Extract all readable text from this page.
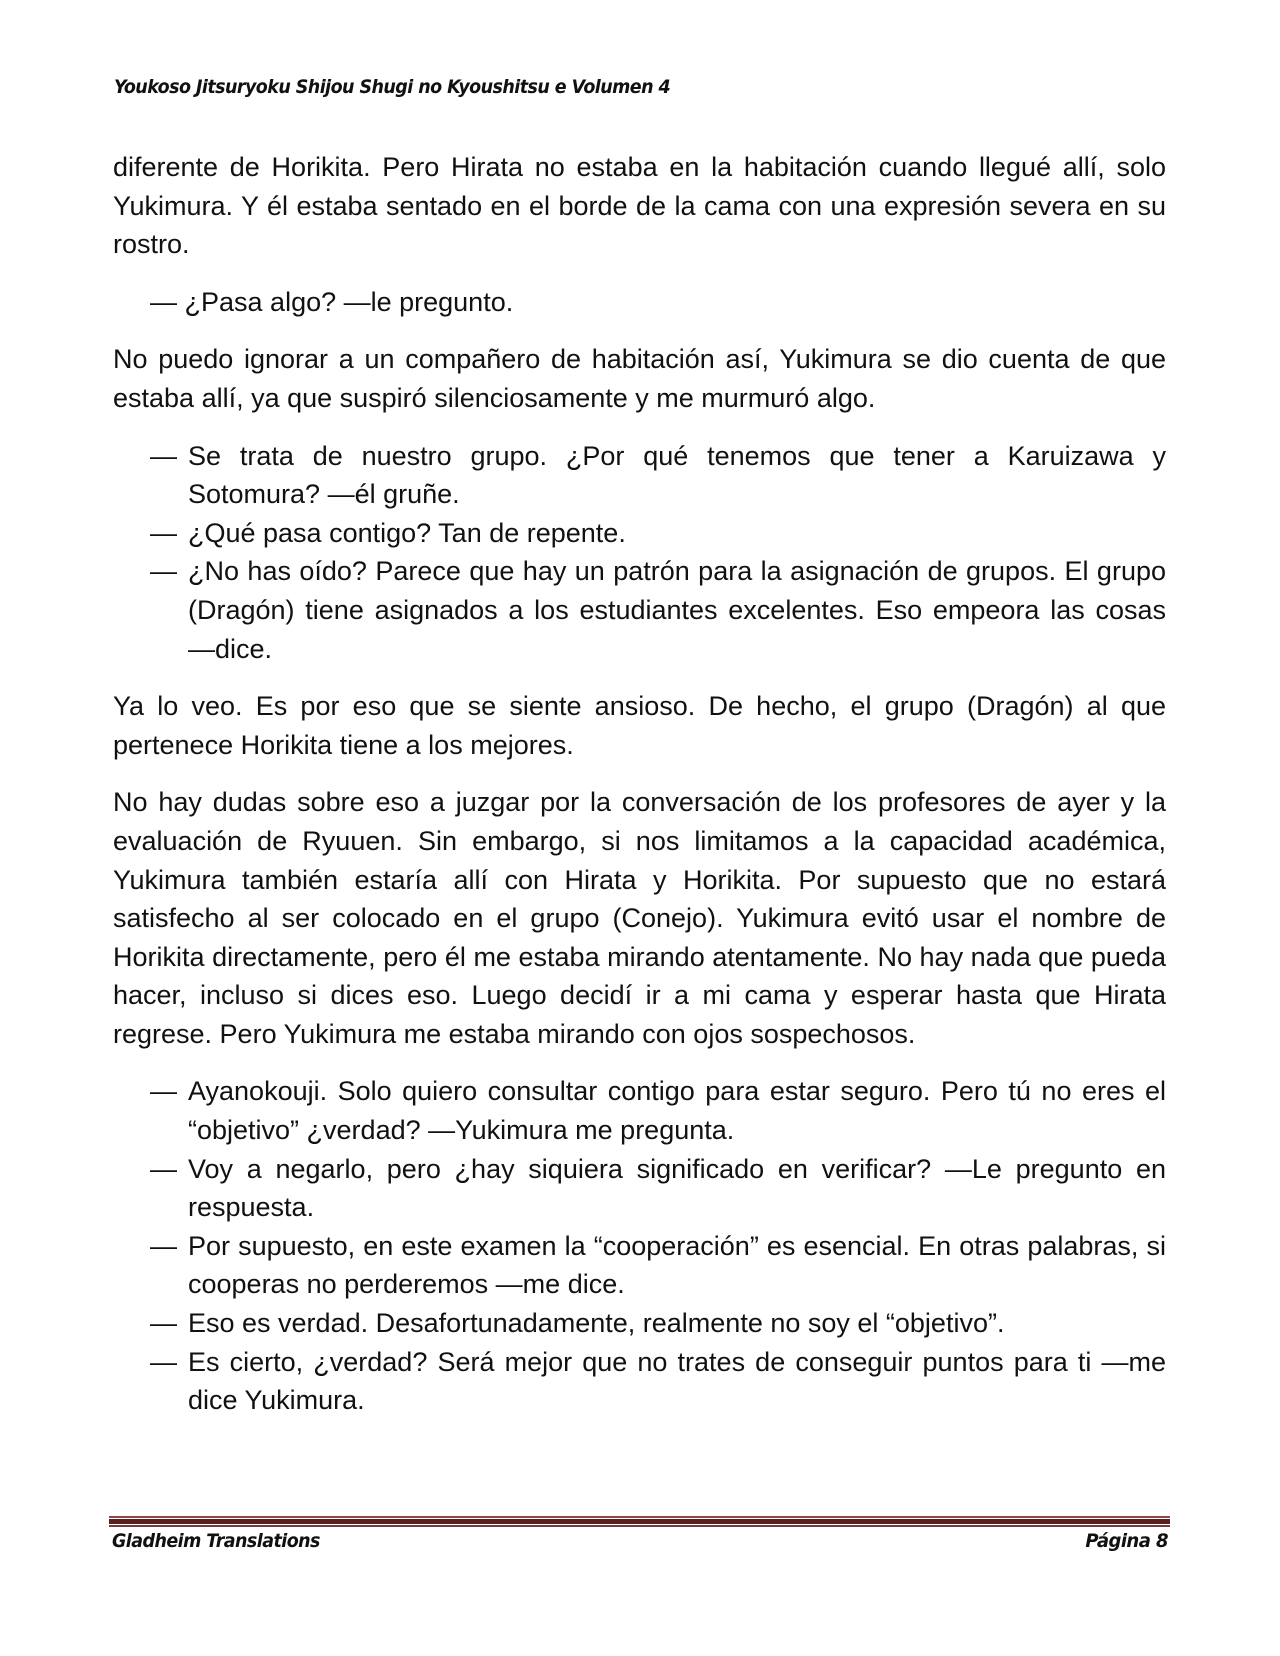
Youkoso Jitsuryoku Shijou Shugi no Kyoushitsu e Volumen 4

diferente de Horikita. Pero Hirata no estaba en la habitación cuando llegué allí, solo Yukimura. Y él estaba sentado en el borde de la cama con una expresión severa en su rostro.

— ¿Pasa algo? —le pregunto.

No puedo ignorar a un compañero de habitación así, Yukimura se dio cuenta de que estaba allí, ya que suspiró silenciosamente y me murmuró algo.

— Se trata de nuestro grupo. ¿Por qué tenemos que tener a Karuizawa y Sotomura? —él gruñe.

— ¿Qué pasa contigo? Tan de repente.

— ¿No has oído? Parece que hay un patrón para la asignación de grupos. El grupo (Dragón) tiene asignados a los estudiantes excelentes. Eso empeora las cosas —dice.

Ya lo veo. Es por eso que se siente ansioso. De hecho, el grupo (Dragón) al que pertenece Horikita tiene a los mejores.

No hay dudas sobre eso a juzgar por la conversación de los profesores de ayer y la evaluación de Ryuuen. Sin embargo, si nos limitamos a la capacidad académica, Yukimura también estaría allí con Hirata y Horikita. Por supuesto que no estará satisfecho al ser colocado en el grupo (Conejo). Yukimura evitó usar el nombre de Horikita directamente, pero él me estaba mirando atentamente. No hay nada que pueda hacer, incluso si dices eso. Luego decidí ir a mi cama y esperar hasta que Hirata regrese. Pero Yukimura me estaba mirando con ojos sospechosos.

— Ayanokouji. Solo quiero consultar contigo para estar seguro. Pero tú no eres el “objetivo” ¿verdad? —Yukimura me pregunta.

— Voy a negarlo, pero ¿hay siquiera significado en verificar? —Le pregunto en respuesta.

— Por supuesto, en este examen la “cooperación” es esencial. En otras palabras, si cooperas no perderemos —me dice.

— Eso es verdad. Desafortunadamente, realmente no soy el “objetivo”.

— Es cierto, ¿verdad? Será mejor que no trates de conseguir puntos para ti —me dice Yukimura.

Gladheim Translations	Página 8
